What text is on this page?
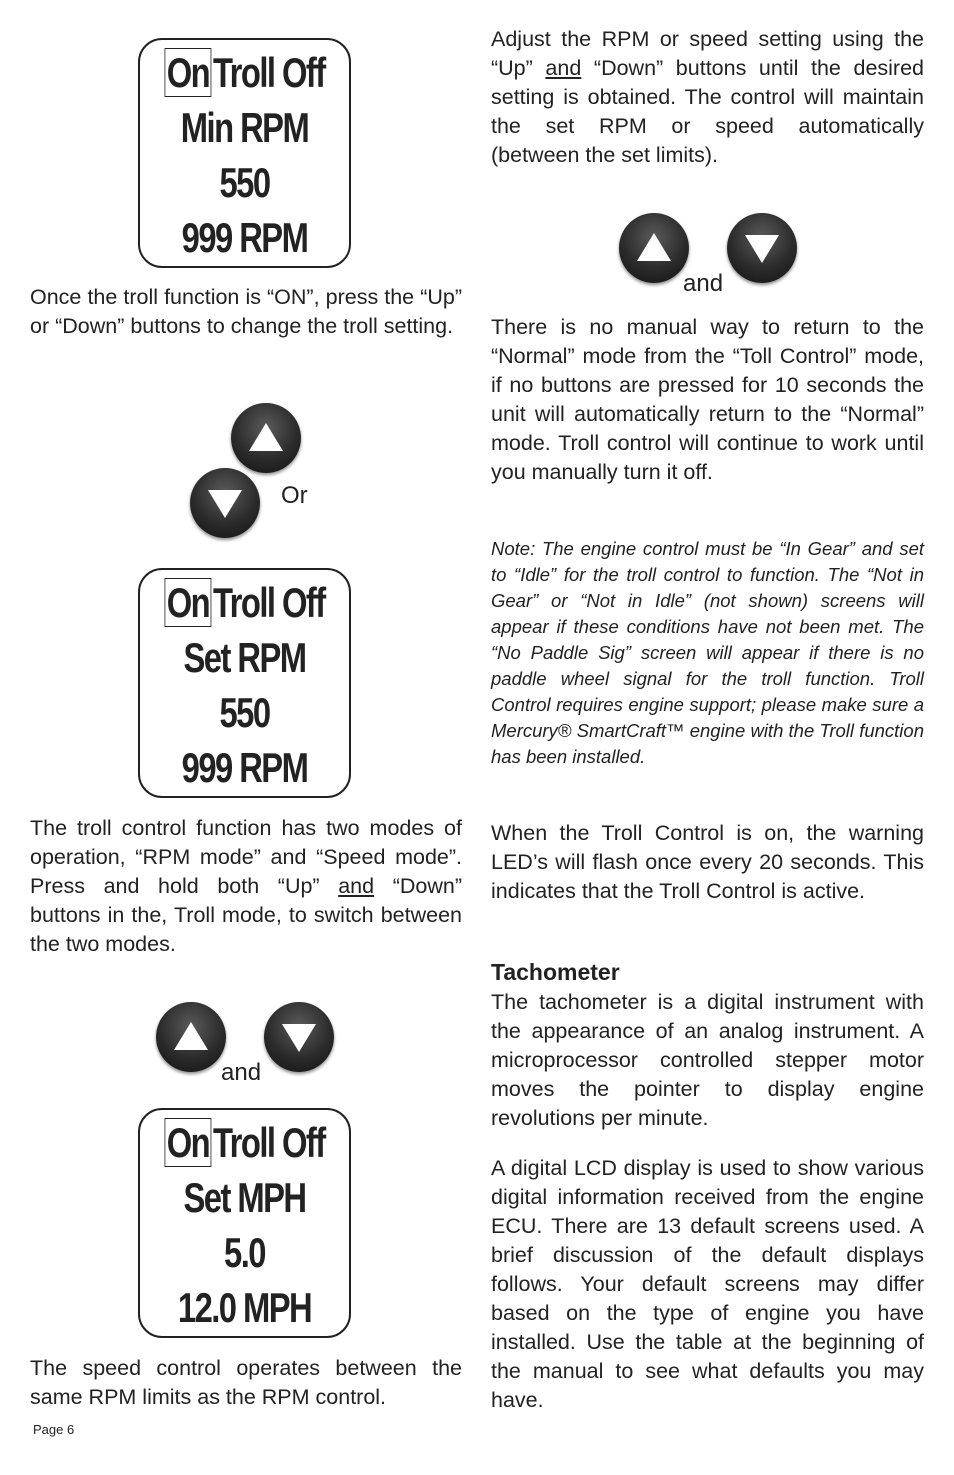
OnTroll Off
Min RPM
550
999 RPM

Once the troll function is “ON”, press the “Up” or “Down” buttons to change the troll setting.

Or
OnTroll Off
Set RPM
550
999 RPM

The troll control function has two modes of operation, “RPM mode” and “Speed mode”. Press and hold both “Up” and “Down” buttons in the, Troll mode, to switch between the two modes.

and
OnTroll Off
Set MPH
5.0
12.0 MPH

The speed control operates between the same RPM limits as the RPM control.

Adjust the RPM or speed setting using the “Up” and “Down” buttons until the desired setting is obtained. The control will maintain the set RPM or speed automatically (between the set limits).

and

There is no manual way to return to the “Normal” mode from the “Toll Control” mode, if no buttons are pressed for 10 seconds the unit will automatically return to the “Normal” mode. Troll control will continue to work until you manually turn it off.

Note: The engine control must be “In Gear” and set to “Idle” for the troll control to function. The “Not in Gear” or “Not in Idle” (not shown) screens will appear if these conditions have not been met. The “No Paddle Sig” screen will appear if there is no paddle wheel signal for the troll function. Troll Control requires engine support; please make sure a Mercury® SmartCraft™ engine with the Troll function has been installed.

When the Troll Control is on, the warning LED’s will flash once every 20 seconds. This indicates that the Troll Control is active.

Tachometer

The tachometer is a digital instrument with the appearance of an analog instrument. A microprocessor controlled stepper motor moves the pointer to display engine revolutions per minute.

A digital LCD display is used to show various digital information received from the engine ECU. There are 13 default screens used. A brief discussion of the default displays follows. Your default screens may differ based on the type of engine you have installed. Use the table at the beginning of the manual to see what defaults you may have.

Page 6
